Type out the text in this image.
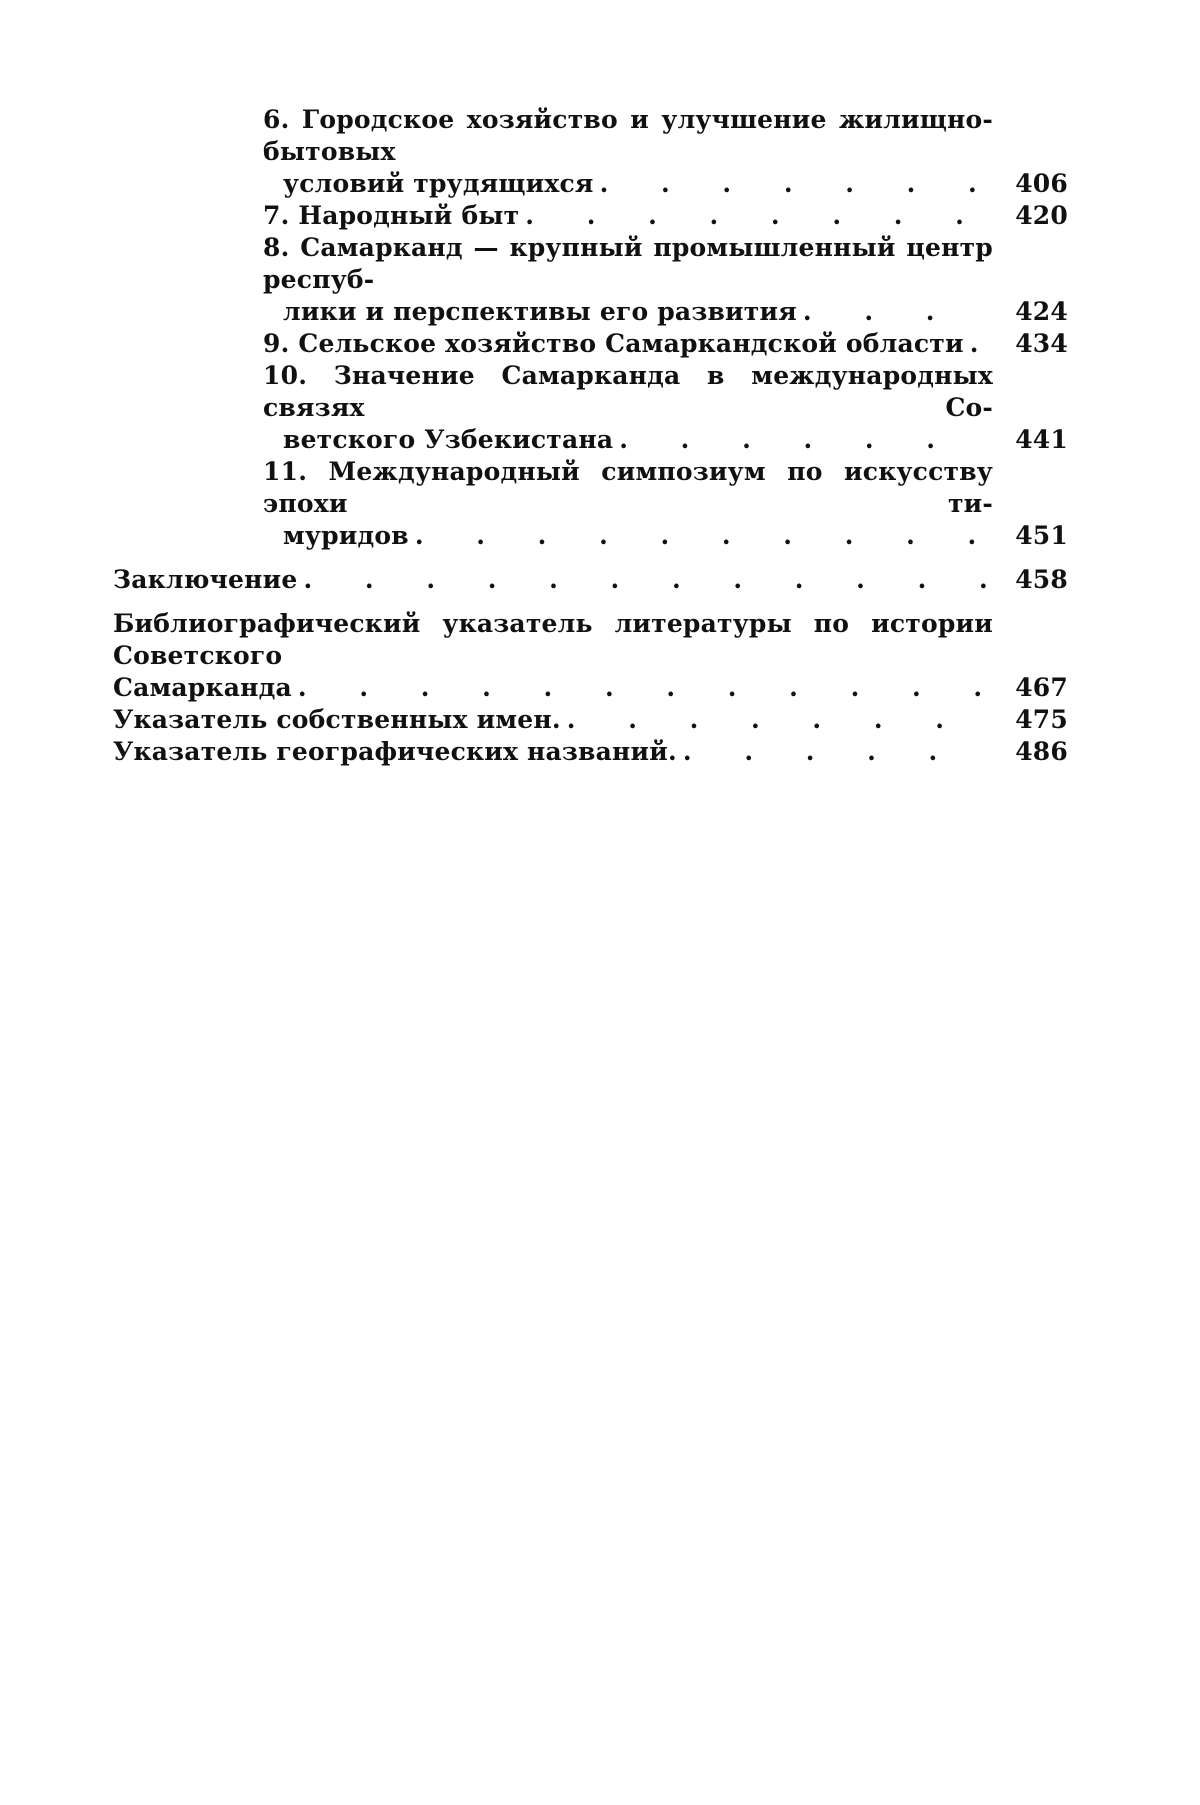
6. Городское хозяйство и улучшение жилищно-бытовых
условий трудящихся . . .	406
7. Народный быт . . .	420
8. Самарканд — крупный промышленный центр респуб-
лики и перспективы его развития . . .	424
9. Сельское хозяйство Самаркандской области . . .	434
10. Значение Самарканда в международных связях Со-
ветского Узбекистана . . .	441
11. Международный симпозиум по искусству эпохи ти-
муридов . . .	451
Заключение . . .	458
Библиографический указатель литературы по истории Советского
Самарканда . . .	467
Указатель собственных имен. . . .	475
Указатель географических названий. . . .	486
